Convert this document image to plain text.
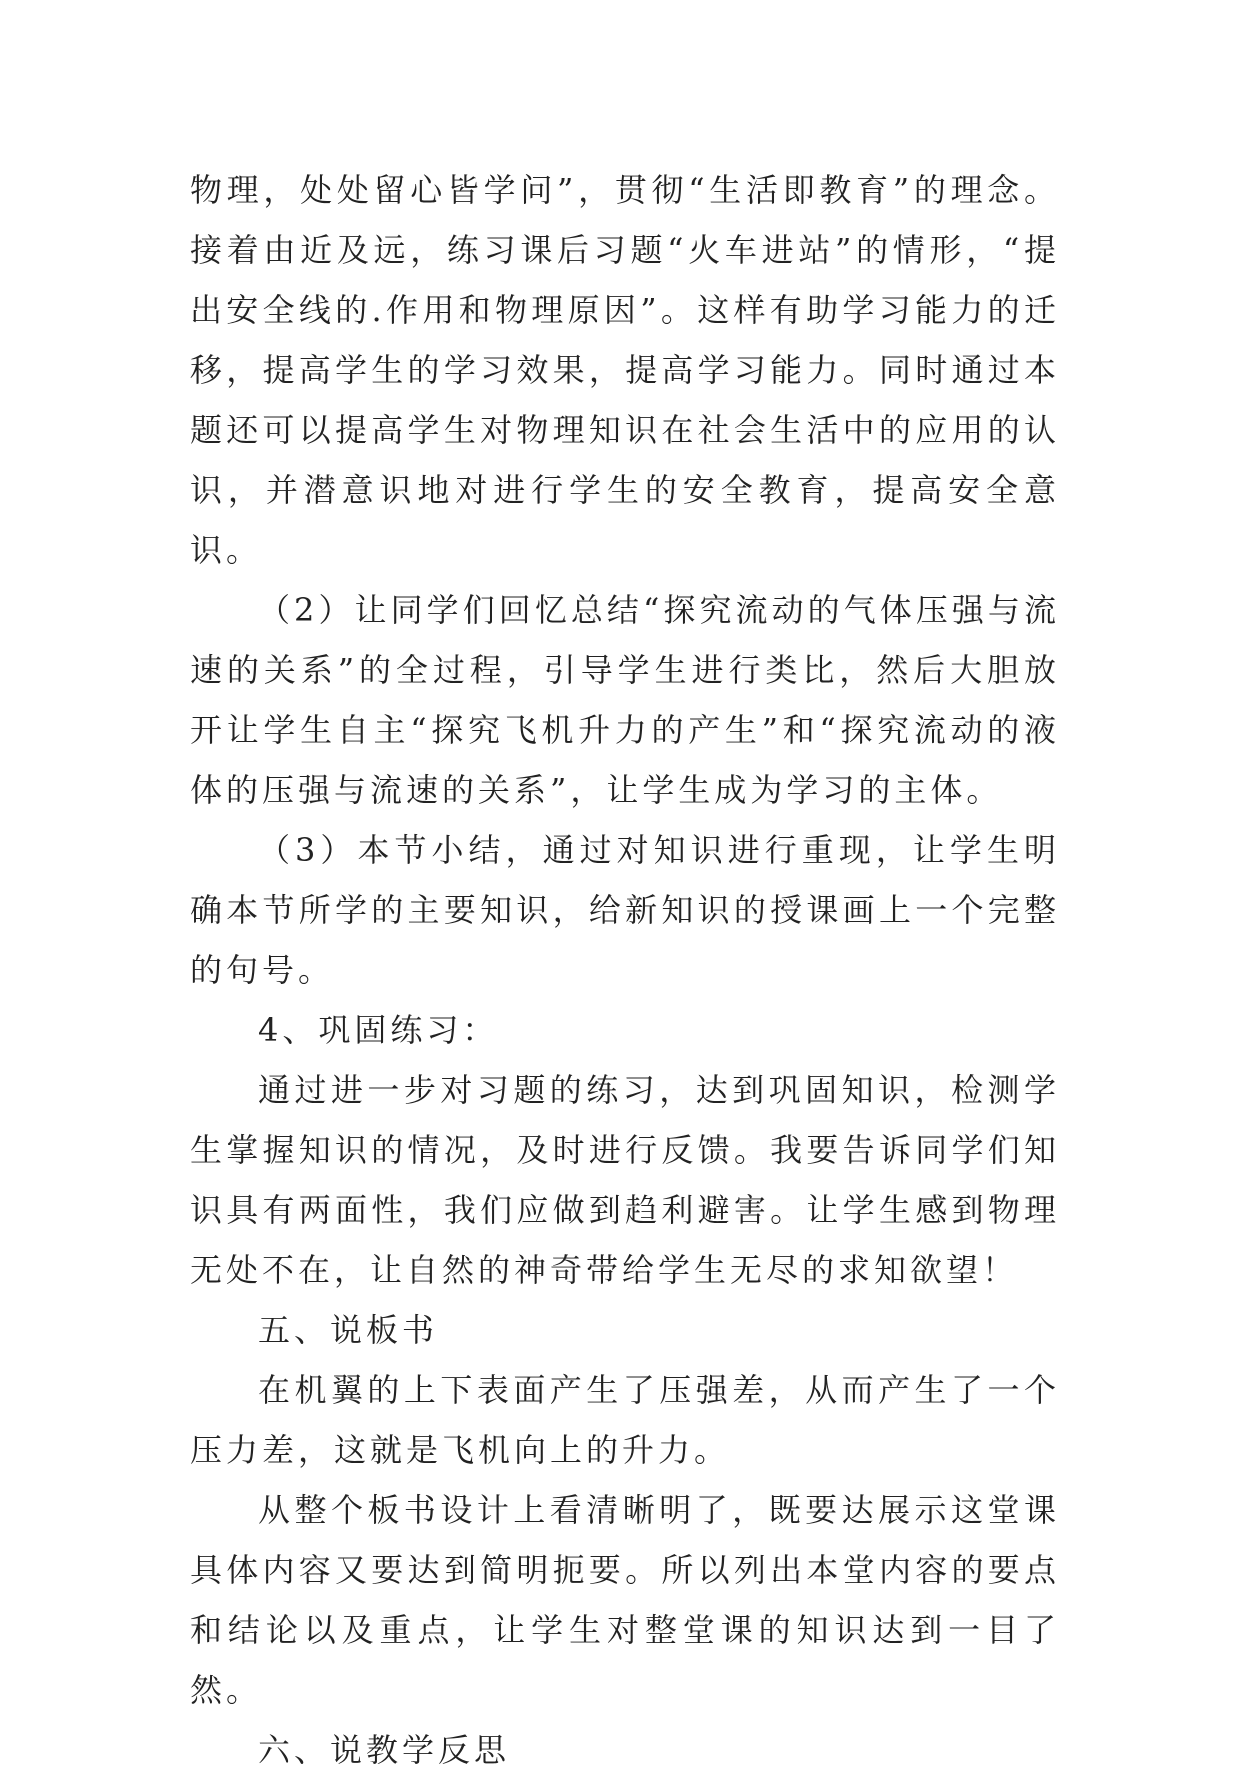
物理，处处留心皆学问”，贯彻“生活即教育”的理念。接着由近及远，练习课后习题“火车进站”的情形，“提出安全线的.作用和物理原因”。这样有助学习能力的迁移，提高学生的学习效果，提高学习能力。同时通过本题还可以提高学生对物理知识在社会生活中的应用的认识，并潜意识地对进行学生的安全教育，提高安全意识。

（2）让同学们回忆总结“探究流动的气体压强与流速的关系”的全过程，引导学生进行类比，然后大胆放开让学生自主“探究飞机升力的产生”和“探究流动的液体的压强与流速的关系”，让学生成为学习的主体。

（3）本节小结，通过对知识进行重现，让学生明确本节所学的主要知识，给新知识的授课画上一个完整的句号。

4、巩固练习：

通过进一步对习题的练习，达到巩固知识，检测学生掌握知识的情况，及时进行反馈。我要告诉同学们知识具有两面性，我们应做到趋利避害。让学生感到物理无处不在，让自然的神奇带给学生无尽的求知欲望！

五、说板书

在机翼的上下表面产生了压强差，从而产生了一个压力差，这就是飞机向上的升力。

从整个板书设计上看清晰明了，既要达展示这堂课具体内容又要达到简明扼要。所以列出本堂内容的要点和结论以及重点，让学生对整堂课的知识达到一目了然。

六、说教学反思
